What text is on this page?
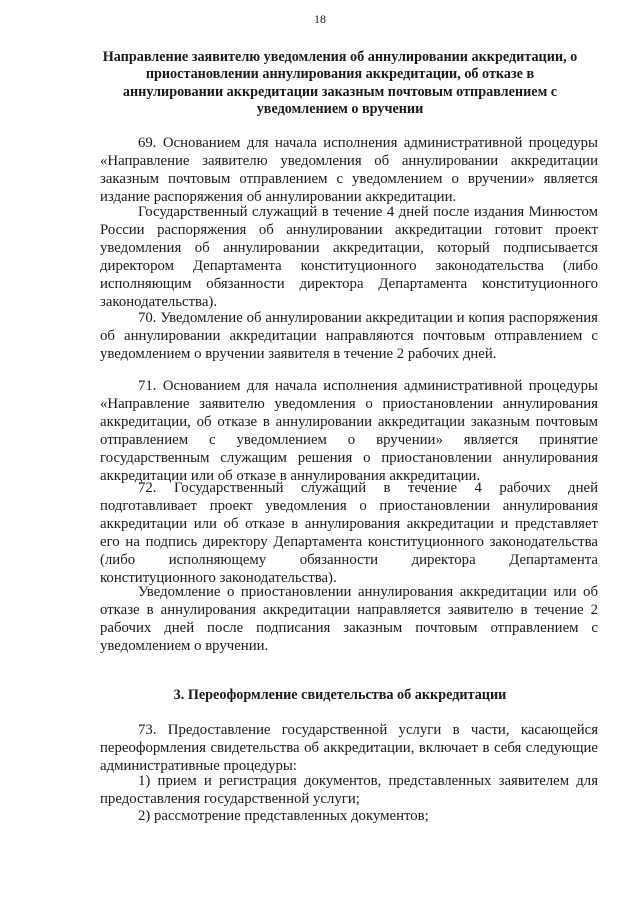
18
Направление заявителю уведомления об аннулировании аккредитации, о приостановлении аннулирования аккредитации, об отказе в аннулировании аккредитации заказным почтовым отправлением с уведомлением о вручении

69. Основанием для начала исполнения административной процедуры «Направление заявителю уведомления об аннулировании аккредитации заказным почтовым отправлением с уведомлением о вручении» является издание распоряжения об аннулировании аккредитации.

Государственный служащий в течение 4 дней после издания Минюстом России распоряжения об аннулировании аккредитации готовит проект уведомления об аннулировании аккредитации, который подписывается директором Департамента конституционного законодательства (либо исполняющим обязанности директора Департамента конституционного законодательства).

70. Уведомление об аннулировании аккредитации и копия распоряжения об аннулировании аккредитации направляются почтовым отправлением с уведомлением о вручении заявителя в течение 2 рабочих дней.

71. Основанием для начала исполнения административной процедуры «Направление заявителю уведомления о приостановлении аннулирования аккредитации, об отказе в аннулировании аккредитации заказным почтовым отправлением с уведомлением о вручении» является принятие государственным служащим решения о приостановлении аннулирования аккредитации или об отказе в аннулирования аккредитации.

72. Государственный служащий в течение 4 рабочих дней подготавливает проект уведомления о приостановлении аннулирования аккредитации или об отказе в аннулирования аккредитации и представляет его на подпись директору Департамента конституционного законодательства (либо исполняющему обязанности директора Департамента конституционного законодательства).

Уведомление о приостановлении аннулирования аккредитации или об отказе в аннулирования аккредитации направляется заявителю в течение 2 рабочих дней после подписания заказным почтовым отправлением с уведомлением о вручении.

3. Переоформление свидетельства об аккредитации

73. Предоставление государственной услуги в части, касающейся переоформления свидетельства об аккредитации, включает в себя следующие административные процедуры:

1) прием и регистрация документов, представленных заявителем для предоставления государственной услуги;

2) рассмотрение представленных документов;
